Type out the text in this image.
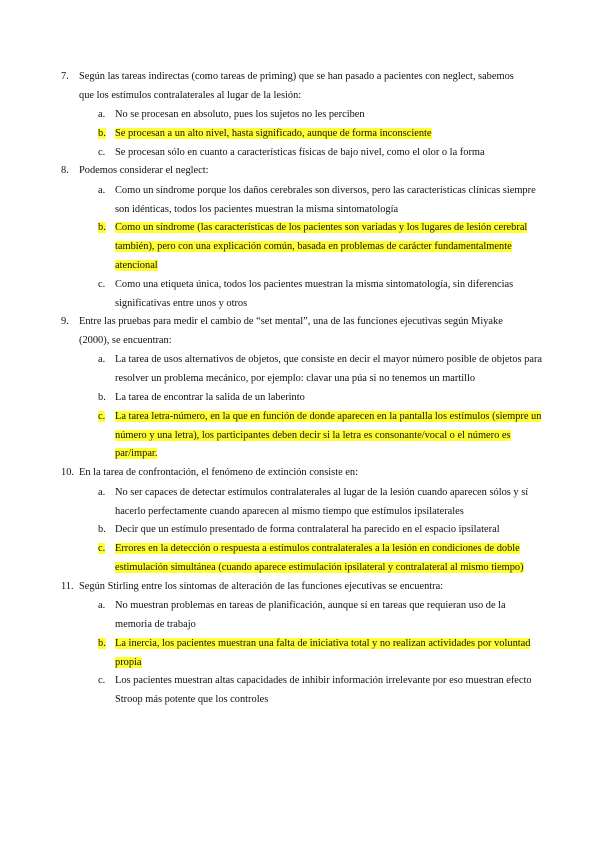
7. Según las tareas indirectas (como tareas de priming) que se han pasado a pacientes con neglect, sabemos que los estímulos contralaterales al lugar de la lesión:
a. No se procesan en absoluto, pues los sujetos no les perciben
b. Se procesan a un alto nivel, hasta significado, aunque de forma inconsciente
c. Se procesan sólo en cuanto a características físicas de bajo nivel, como el olor o la forma
8. Podemos considerar el neglect:
a. Como un síndrome porque los daños cerebrales son diversos, pero las características clínicas siempre son idénticas, todos los pacientes muestran la misma sintomatología
b. Como un síndrome (las características de los pacientes son variadas y los lugares de lesión cerebral también), pero con una explicación común, basada en problemas de carácter fundamentalmente atencional
c. Como una etiqueta única, todos los pacientes muestran la misma sintomatología, sin diferencias significativas entre unos y otros
9. Entre las pruebas para medir el cambio de “set mental”, una de las funciones ejecutivas según Miyake (2000), se encuentran:
a. La tarea de usos alternativos de objetos, que consiste en decir el mayor número posible de objetos para resolver un problema mecánico, por ejemplo: clavar una púa si no tenemos un martillo
b. La tarea de encontrar la salida de un laberinto
c. La tarea letra-número, en la que en función de donde aparecen en la pantalla los estímulos (siempre un número y una letra), los participantes deben decir si la letra es consonante/vocal o el número es par/impar.
10. En la tarea de confrontación, el fenómeno de extinción consiste en:
a. No ser capaces de detectar estímulos contralaterales al lugar de la lesión cuando aparecen sólos y sí hacerlo perfectamente cuando aparecen al mismo tiempo que estímulos ipsilaterales
b. Decir que un estímulo presentado de forma contralateral ha parecido en el espacio ipsilateral
c. Errores en la detección o respuesta a estímulos contralaterales a la lesión en condiciones de doble estimulación simultánea (cuando aparece estimulación ipsilateral y contralateral al mismo tiempo)
11. Según Stirling entre los síntomas de alteración de las funciones ejecutivas se encuentra:
a. No muestran problemas en tareas de planificación, aunque sí en tareas que requieran uso de la memoria de trabajo
b. La inercia, los pacientes muestran una falta de iniciativa total y no realizan actividades por voluntad propia
c. Los pacientes muestran altas capacidades de inhibir información irrelevante por eso muestran efecto Stroop más potente que los controles
